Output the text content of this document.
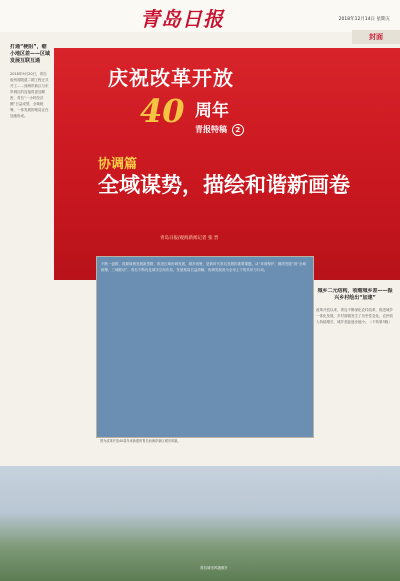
青岛日报	2018年12月14日 星期五
封面
庆祝改革开放
40 周年
青报特稿 2
协调篇
全域谋势，描绘和谐新画卷
青岛日报/观海新闻记者 张 晋
打通“梗阻”，缩小地区差——区域发展互联互通
2018年9月20日，青岛胶州湾隧道二期工程正式开工……西海岸新区与东岸城区的连接将更加紧密，青岛“一小时经济圈”日益成型，全域统筹、一体发展的格局正在加速形成。
城乡二元结构，收缩城乡差——振兴乡村绘出“加速”
改革开放以来，青岛不断深化农村改革，推进城乡一体化发展，乡村面貌发生了历史性变化，农民收入持续增长，城乡差距逐步缩小。（下转第3版）
不断一盘棋，抓紧谋划发展新思路，推进区域协调发展，城乡统筹，是新时代青岛发展的重要课题。从“环湾保护、拥湾发展”到“全域统筹、三城联动”，青岛不断优化城市空间布局，发展格局日益清晰，协调发展成为全市上下的共识与行动。
图为改革开放40周年来新建的青岛西海岸新区城市风貌。
青岛城市风貌照片
